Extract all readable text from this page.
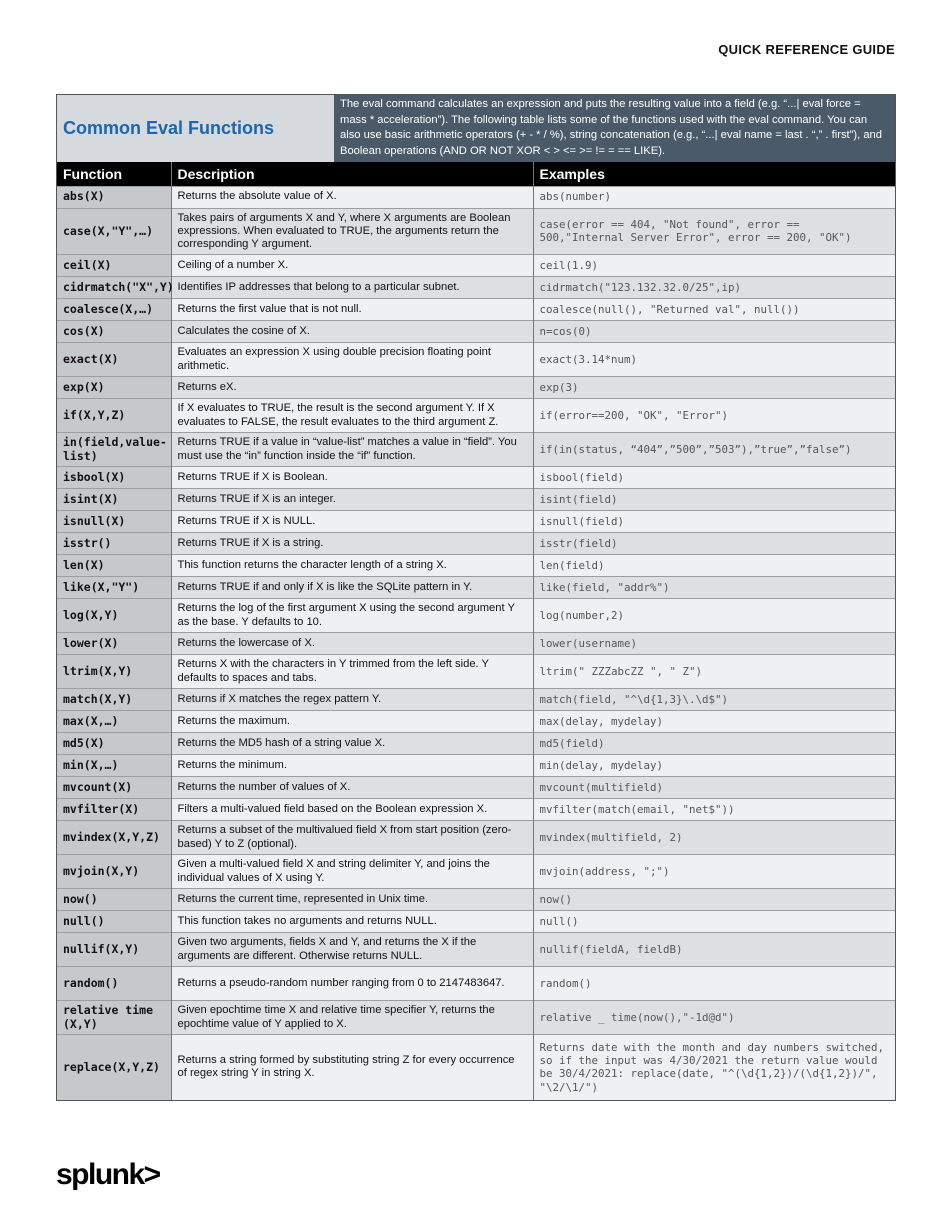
QUICK REFERENCE GUIDE
Common Eval Functions
The eval command calculates an expression and puts the resulting value into a field (e.g. “...| eval force = mass * acceleration”). The following table lists some of the functions used with the eval command. You can also use basic arithmetic operators (+ - * / %), string concatenation (e.g., “...| eval name = last . “,” . first”), and Boolean operations (AND OR NOT XOR < > <= >= != = == LIKE).
Function	Description	Examples
abs(X)	Returns the absolute value of X.	abs(number)
case(X,"Y",…)	Takes pairs of arguments X and Y, where X arguments are Boolean expressions. When evaluated to TRUE, the arguments return the corresponding Y argument.	case(error == 404, "Not found", error == 500,"Internal Server Error", error == 200, "OK")
ceil(X)	Ceiling of a number X.	ceil(1.9)
cidrmatch("X",Y)	Identifies IP addresses that belong to a particular subnet.	cidrmatch("123.132.32.0/25",ip)
coalesce(X,…)	Returns the first value that is not null.	coalesce(null(), "Returned val", null())
cos(X)	Calculates the cosine of X.	n=cos(0)
exact(X)	Evaluates an expression X using double precision floating point arithmetic.	exact(3.14*num)
exp(X)	Returns eX.	exp(3)
if(X,Y,Z)	If X evaluates to TRUE, the result is the second argument Y. If X evaluates to FALSE, the result evaluates to the third argument Z.	if(error==200, "OK", "Error")
in(field,value-list)	Returns TRUE if a value in “value-list” matches a value in “field”. You must use the “in” function inside the “if” function.	if(in(status, “404”,”500”,”503”),”true”,”false”)
isbool(X)	Returns TRUE if X is Boolean.	isbool(field)
isint(X)	Returns TRUE if X is an integer.	isint(field)
isnull(X)	Returns TRUE if X is NULL.	isnull(field)
isstr()	Returns TRUE if X is a string.	isstr(field)
len(X)	This function returns the character length of a string X.	len(field)
like(X,"Y")	Returns TRUE if and only if X is like the SQLite pattern in Y.	like(field, "addr%")
log(X,Y)	Returns the log of the first argument X using the second argument Y as the base. Y defaults to 10.	log(number,2)
lower(X)	Returns the lowercase of X.	lower(username)
ltrim(X,Y)	Returns X with the characters in Y trimmed from the left side. Y defaults to spaces and tabs.	ltrim(" ZZZabcZZ ", " Z")
match(X,Y)	Returns if X matches the regex pattern Y.	match(field, "^\d{1,3}\.\d$")
max(X,…)	Returns the maximum.	max(delay, mydelay)
md5(X)	Returns the MD5 hash of a string value X.	md5(field)
min(X,…)	Returns the minimum.	min(delay, mydelay)
mvcount(X)	Returns the number of values of X.	mvcount(multifield)
mvfilter(X)	Filters a multi-valued field based on the Boolean expression X.	mvfilter(match(email, "net$"))
mvindex(X,Y,Z)	Returns a subset of the multivalued field X from start position (zero-based) Y to Z (optional).	mvindex(multifield, 2)
mvjoin(X,Y)	Given a multi-valued field X and string delimiter Y, and joins the individual values of X using Y.	mvjoin(address, ";")
now()	Returns the current time, represented in Unix time.	now()
null()	This function takes no arguments and returns NULL.	null()
nullif(X,Y)	Given two arguments, fields X and Y, and returns the X if the arguments are different. Otherwise returns NULL.	nullif(fieldA, fieldB)
random()	Returns a pseudo-random number ranging from 0 to 2147483647.	random()
relative time (X,Y)	Given epochtime time X and relative time specifier Y, returns the epochtime value of Y applied to X.	relative _ time(now(),"-1d@d")
replace(X,Y,Z)	Returns a string formed by substituting string Z for every occurrence of regex string Y in string X.	Returns date with the month and day numbers switched, so if the input was 4/30/2021 the return value would be 30/4/2021: replace(date, "^(\d{1,2})/(\d{1,2})/", "\2/\1/")
splunk>
